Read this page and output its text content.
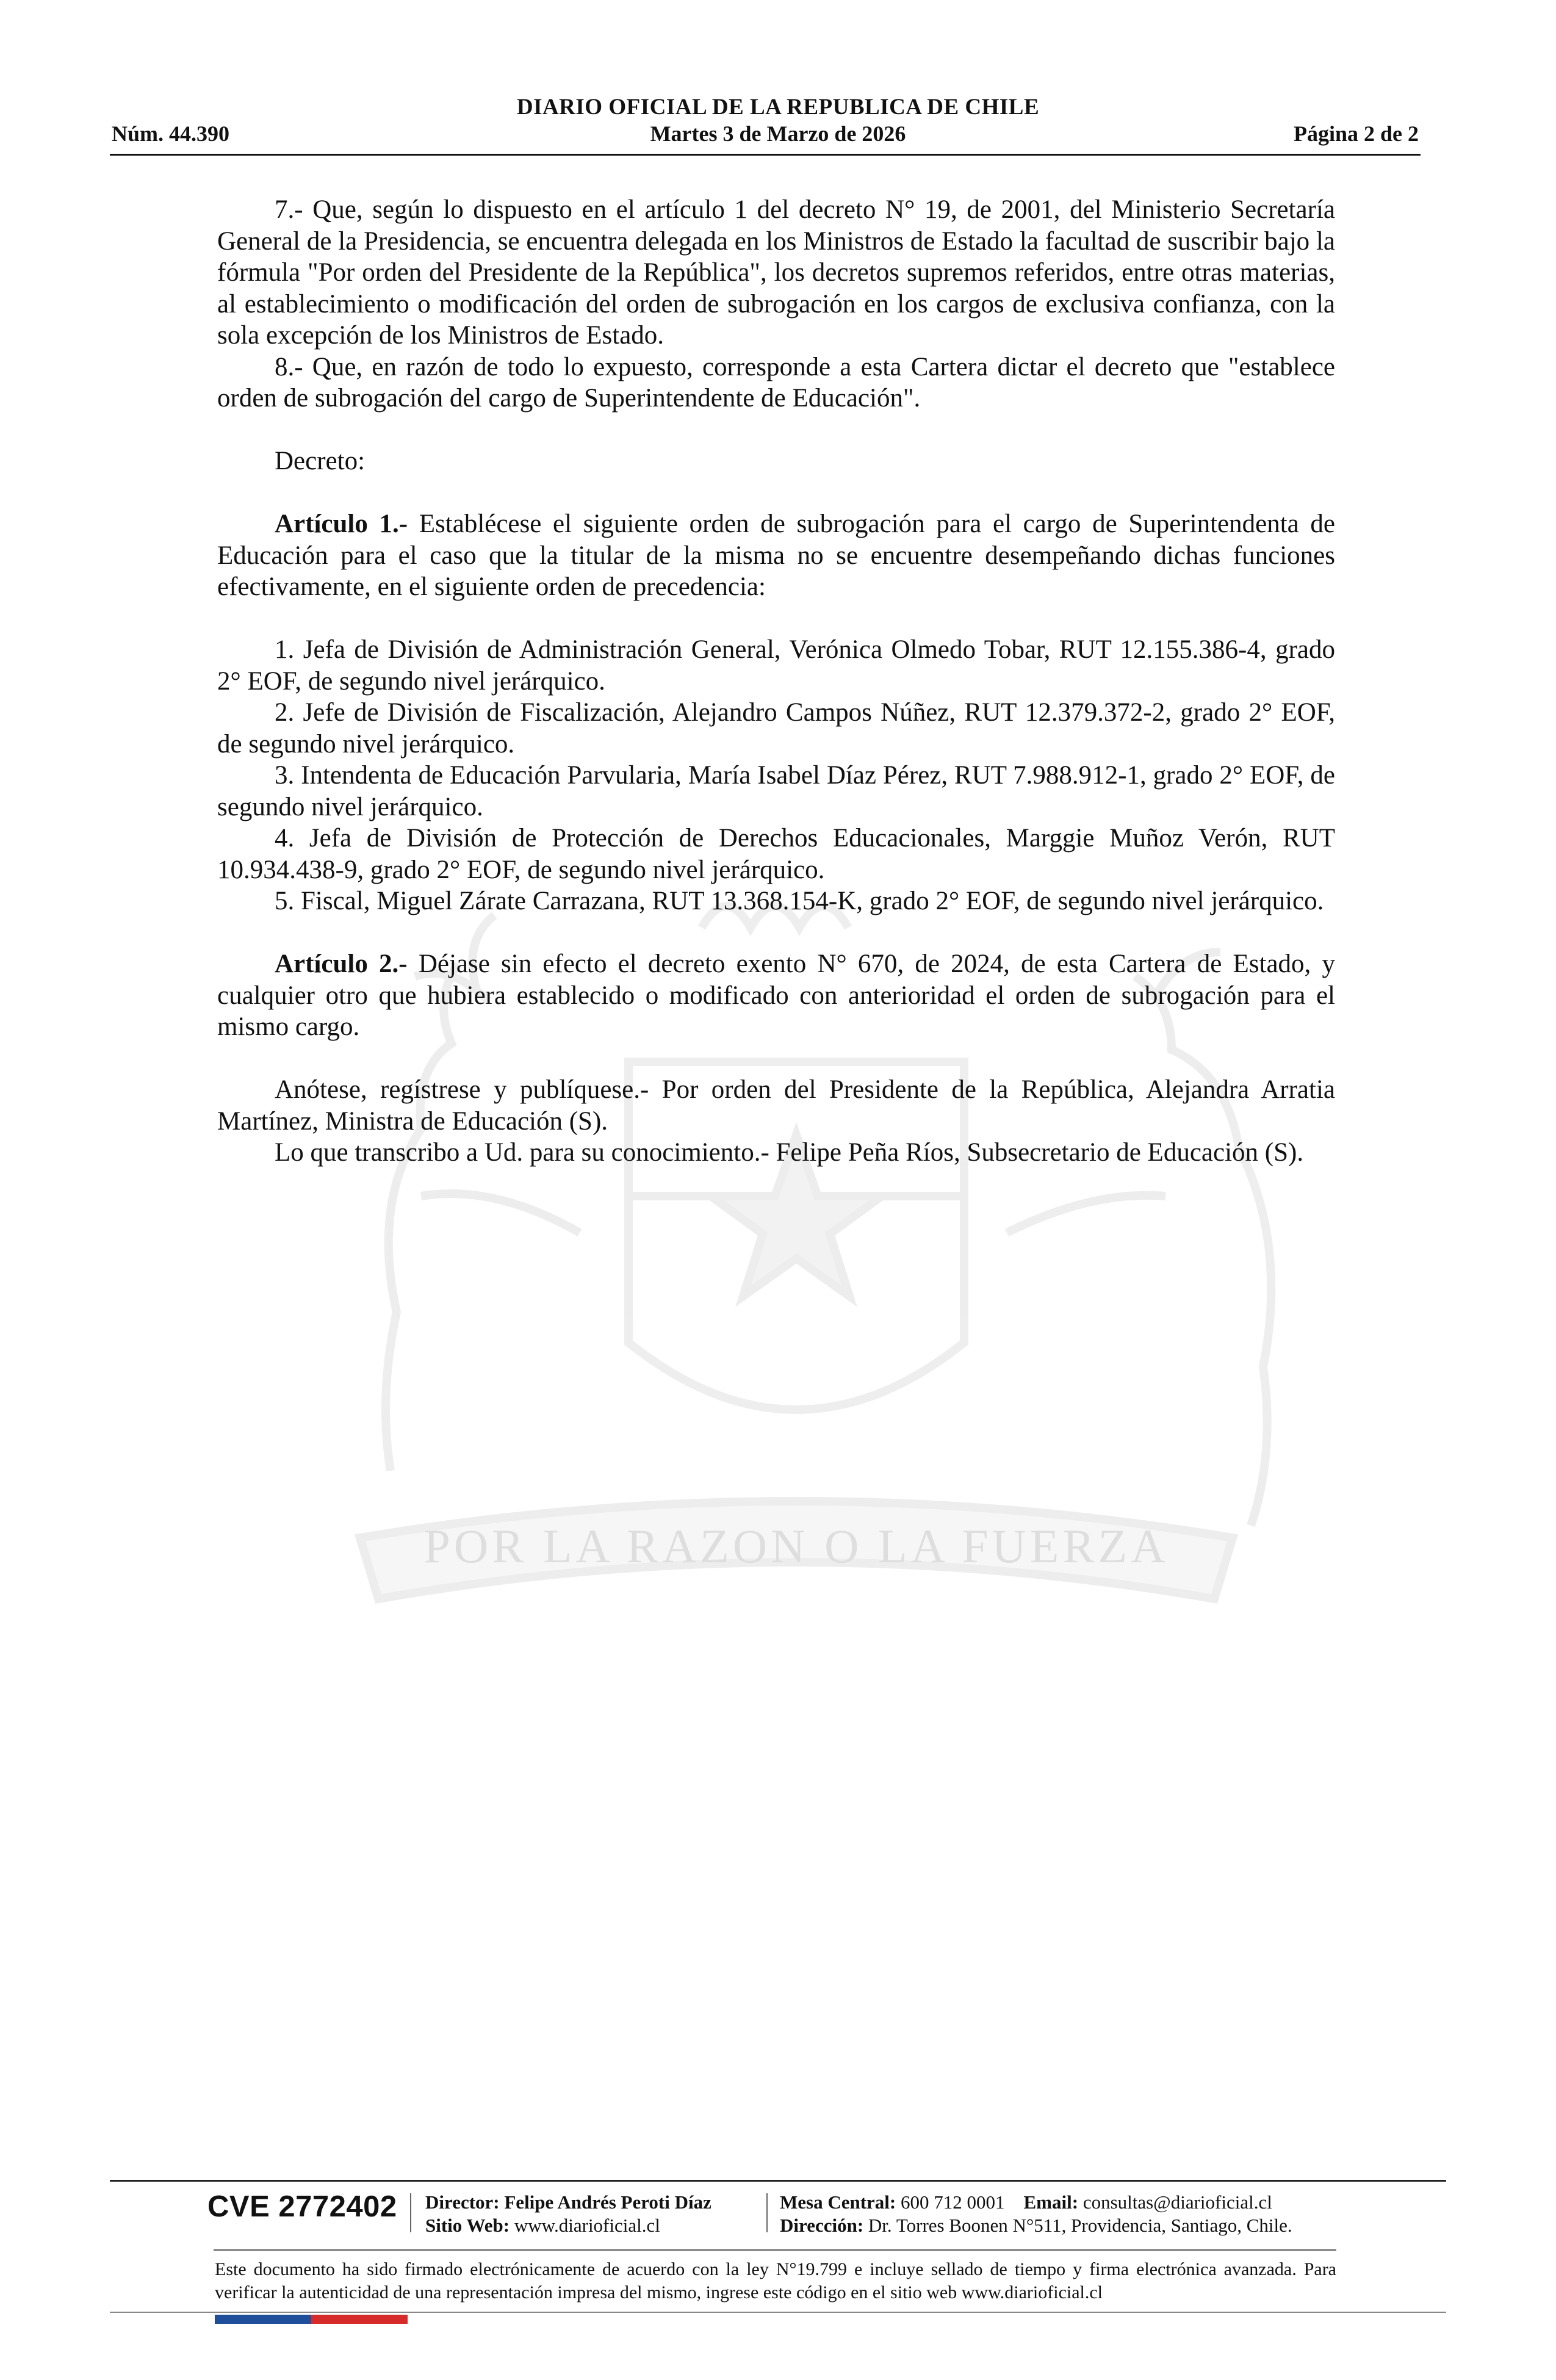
DIARIO OFICIAL DE LA REPUBLICA DE CHILE
Núm. 44.390	Martes 3 de Marzo de 2026	Página 2 de 2
POR LA RAZON O LA FUERZA

7.- Que, según lo dispuesto en el artículo 1 del decreto N° 19, de 2001, del Ministerio Secretaría General de la Presidencia, se encuentra delegada en los Ministros de Estado la facultad de suscribir bajo la fórmula "Por orden del Presidente de la República", los decretos supremos referidos, entre otras materias, al establecimiento o modificación del orden de subrogación en los cargos de exclusiva confianza, con la sola excepción de los Ministros de Estado.

8.- Que, en razón de todo lo expuesto, corresponde a esta Cartera dictar el decreto que "establece orden de subrogación del cargo de Superintendente de Educación".

Decreto:

Artículo 1.- Establécese el siguiente orden de subrogación para el cargo de Superintendenta de Educación para el caso que la titular de la misma no se encuentre desempeñando dichas funciones efectivamente, en el siguiente orden de precedencia:

1. Jefa de División de Administración General, Verónica Olmedo Tobar, RUT 12.155.386-4, grado 2° EOF, de segundo nivel jerárquico.

2. Jefe de División de Fiscalización, Alejandro Campos Núñez, RUT 12.379.372-2, grado 2° EOF, de segundo nivel jerárquico.

3. Intendenta de Educación Parvularia, María Isabel Díaz Pérez, RUT 7.988.912-1, grado 2° EOF, de segundo nivel jerárquico.

4. Jefa de División de Protección de Derechos Educacionales, Marggie Muñoz Verón, RUT 10.934.438-9, grado 2° EOF, de segundo nivel jerárquico.

5. Fiscal, Miguel Zárate Carrazana, RUT 13.368.154-K, grado 2° EOF, de segundo nivel jerárquico.

Artículo 2.- Déjase sin efecto el decreto exento N° 670, de 2024, de esta Cartera de Estado, y cualquier otro que hubiera establecido o modificado con anterioridad el orden de subrogación para el mismo cargo.

Anótese, regístrese y publíquese.- Por orden del Presidente de la República, Alejandra Arratia Martínez, Ministra de Educación (S).

Lo que transcribo a Ud. para su conocimiento.- Felipe Peña Ríos, Subsecretario de Educación (S).

CVE 2772402 Director: Felipe Andrés Peroti Díaz
Sitio Web: www.diarioficial.cl
Mesa Central: 600 712 0001 Email: consultas@diarioficial.cl
Dirección: Dr. Torres Boonen N°511, Providencia, Santiago, Chile.
Este documento ha sido firmado electrónicamente de acuerdo con la ley N°19.799 e incluye sellado de tiempo y firma electrónica avanzada. Para verificar la autenticidad de una representación impresa del mismo, ingrese este código en el sitio web www.diarioficial.cl
